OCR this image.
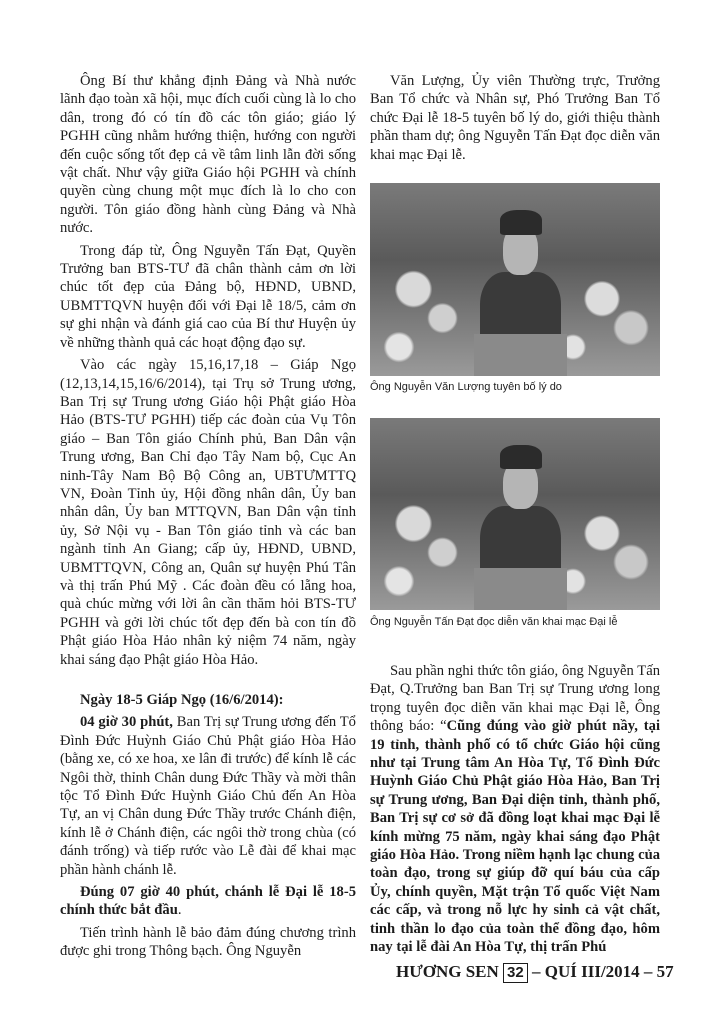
Ông Bí thư khẳng định Đảng và Nhà nước lãnh đạo toàn xã hội, mục đích cuối cùng là lo cho dân, trong đó có tín đồ các tôn giáo; giáo lý PGHH cũng nhằm hướng thiện, hướng con người đến cuộc sống tốt đẹp cả về tâm linh lẫn đời sống vật chất. Như vậy giữa Giáo hội PGHH và chính quyền cùng chung một mục đích là lo cho con người. Tôn giáo đồng hành cùng Đảng và Nhà nước.

Trong đáp từ, Ông Nguyễn Tấn Đạt, Quyền Trưởng ban BTS-TƯ đã chân thành cảm ơn lời chúc tốt đẹp của Đảng bộ, HĐND, UBND, UBMTTQVN huyện đối với Đại lễ 18/5, cảm ơn sự ghi nhận và đánh giá cao của Bí thư Huyện ủy về những thành quả các hoạt động đạo sự.

Vào các ngày 15,16,17,18 – Giáp Ngọ (12,13,14,15,16/6/2014), tại Trụ sở Trung ương, Ban Trị sự Trung ương Giáo hội Phật giáo Hòa Hảo (BTS-TƯ PGHH) tiếp các đoàn của Vụ Tôn giáo – Ban Tôn giáo Chính phủ, Ban Dân vận Trung ương, Ban Chỉ đạo Tây Nam bộ, Cục An ninh-Tây Nam Bộ Bộ Công an, UBTƯMTTQ VN, Đoàn Tỉnh ủy, Hội đồng nhân dân, Ủy ban nhân dân, Ủy ban MTTQVN, Ban Dân vận tỉnh ủy, Sở Nội vụ - Ban Tôn giáo tỉnh và các ban ngành tỉnh An Giang; cấp ủy, HĐND, UBND, UBMTTQVN, Công an, Quân sự huyện Phú Tân và thị trấn Phú Mỹ . Các đoàn đều có lẵng hoa, quà chúc mừng với lời ân cần thăm hỏi BTS-TƯ PGHH và gởi lời chúc tốt đẹp đến bà con tín đồ Phật giáo Hòa Hảo nhân kỷ niệm 74 năm, ngày khai sáng đạo Phật giáo Hòa Hảo.

Ngày 18-5 Giáp Ngọ (16/6/2014):

04 giờ 30 phút, Ban Trị sự Trung ương đến Tổ Đình Đức Huỳnh Giáo Chủ Phật giáo Hòa Hảo (bằng xe, có xe hoa, xe lân đi trước) để kính lễ các Ngôi thờ, thỉnh Chân dung Đức Thầy và mời thân tộc Tổ Đình Đức Huỳnh Giáo Chủ đến An Hòa Tự, an vị Chân dung Đức Thầy trước Chánh điện, kính lễ ở Chánh điện, các ngôi thờ trong chùa (có đánh trống) và tiếp rước vào Lễ đài để khai mạc phần hành chánh lễ.

Đúng 07 giờ 40 phút, chánh lễ Đại lễ 18-5 chính thức bắt đầu.

Tiến trình hành lễ bảo đảm đúng chương trình được ghi trong Thông bạch. Ông Nguyễn

Văn Lượng, Ủy viên Thường trực, Trưởng Ban Tổ chức và Nhân sự, Phó Trưởng Ban Tổ chức Đại lễ 18-5 tuyên bố lý do, giới thiệu thành phần tham dự; ông Nguyễn Tấn Đạt đọc diễn văn khai mạc Đại lễ.

Ông Nguyễn Văn Lượng tuyên bố lý do
Ông Nguyễn Tấn Đạt đọc diễn văn khai mạc Đại lễ

Sau phần nghi thức tôn giáo, ông Nguyễn Tấn Đạt, Q.Trưởng ban Ban Trị sự Trung ương long trọng tuyên đọc diễn văn khai mạc Đại lễ, Ông thông báo: “Cũng đúng vào giờ phút nầy, tại 19 tỉnh, thành phố có tổ chức Giáo hội cũng như tại Trung tâm An Hòa Tự, Tổ Đình Đức Huỳnh Giáo Chủ Phật giáo Hòa Hảo, Ban Trị sự Trung ương, Ban Đại diện tỉnh, thành phố, Ban Trị sự cơ sở đã đồng loạt khai mạc Đại lễ kính mừng 75 năm, ngày khai sáng đạo Phật giáo Hòa Hảo. Trong niềm hạnh lạc chung của toàn đạo, trong sự giúp đỡ quí báu của cấp Ủy, chính quyền, Mặt trận Tổ quốc Việt Nam các cấp, và trong nỗ lực hy sinh cả vật chất, tinh thần lo đạo của toàn thể đồng đạo, hôm nay tại lễ đài An Hòa Tự, thị trấn Phú

HƯƠNG SEN 32 – QUÍ III/2014 – 57
